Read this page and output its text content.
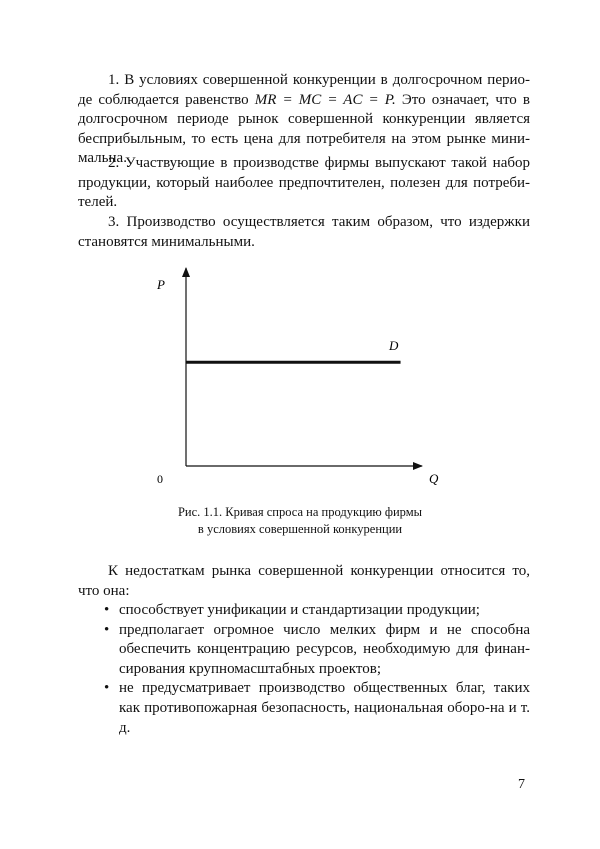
1. В условиях совершенной конкуренции в долгосрочном перио-де соблюдается равенство MR = MC = AC = P. Это означает, что в долгосрочном периоде рынок совершенной конкуренции является бесприбыльным, то есть цена для потребителя на этом рынке мини-мальна.

2. Участвующие в производстве фирмы выпускают такой набор продукции, который наиболее предпочтителен, полезен для потреби-телей.

3. Производство осуществляется таким образом, что издержки становятся минимальными.

P
Q
0
D
Рис. 1.1. Кривая спроса на продукцию фирмы
в условиях совершенной конкуренции

К недостаткам рынка совершенной конкуренции относится то, что она:

• способствует унификации и стандартизации продукции;
• предполагает огромное число мелких фирм и не способна обеспечить концентрацию ресурсов, необходимую для финан-сирования крупномасштабных проектов;
• не предусматривает производство общественных благ, таких как противопожарная безопасность, национальная оборо-на и т. д.
7
